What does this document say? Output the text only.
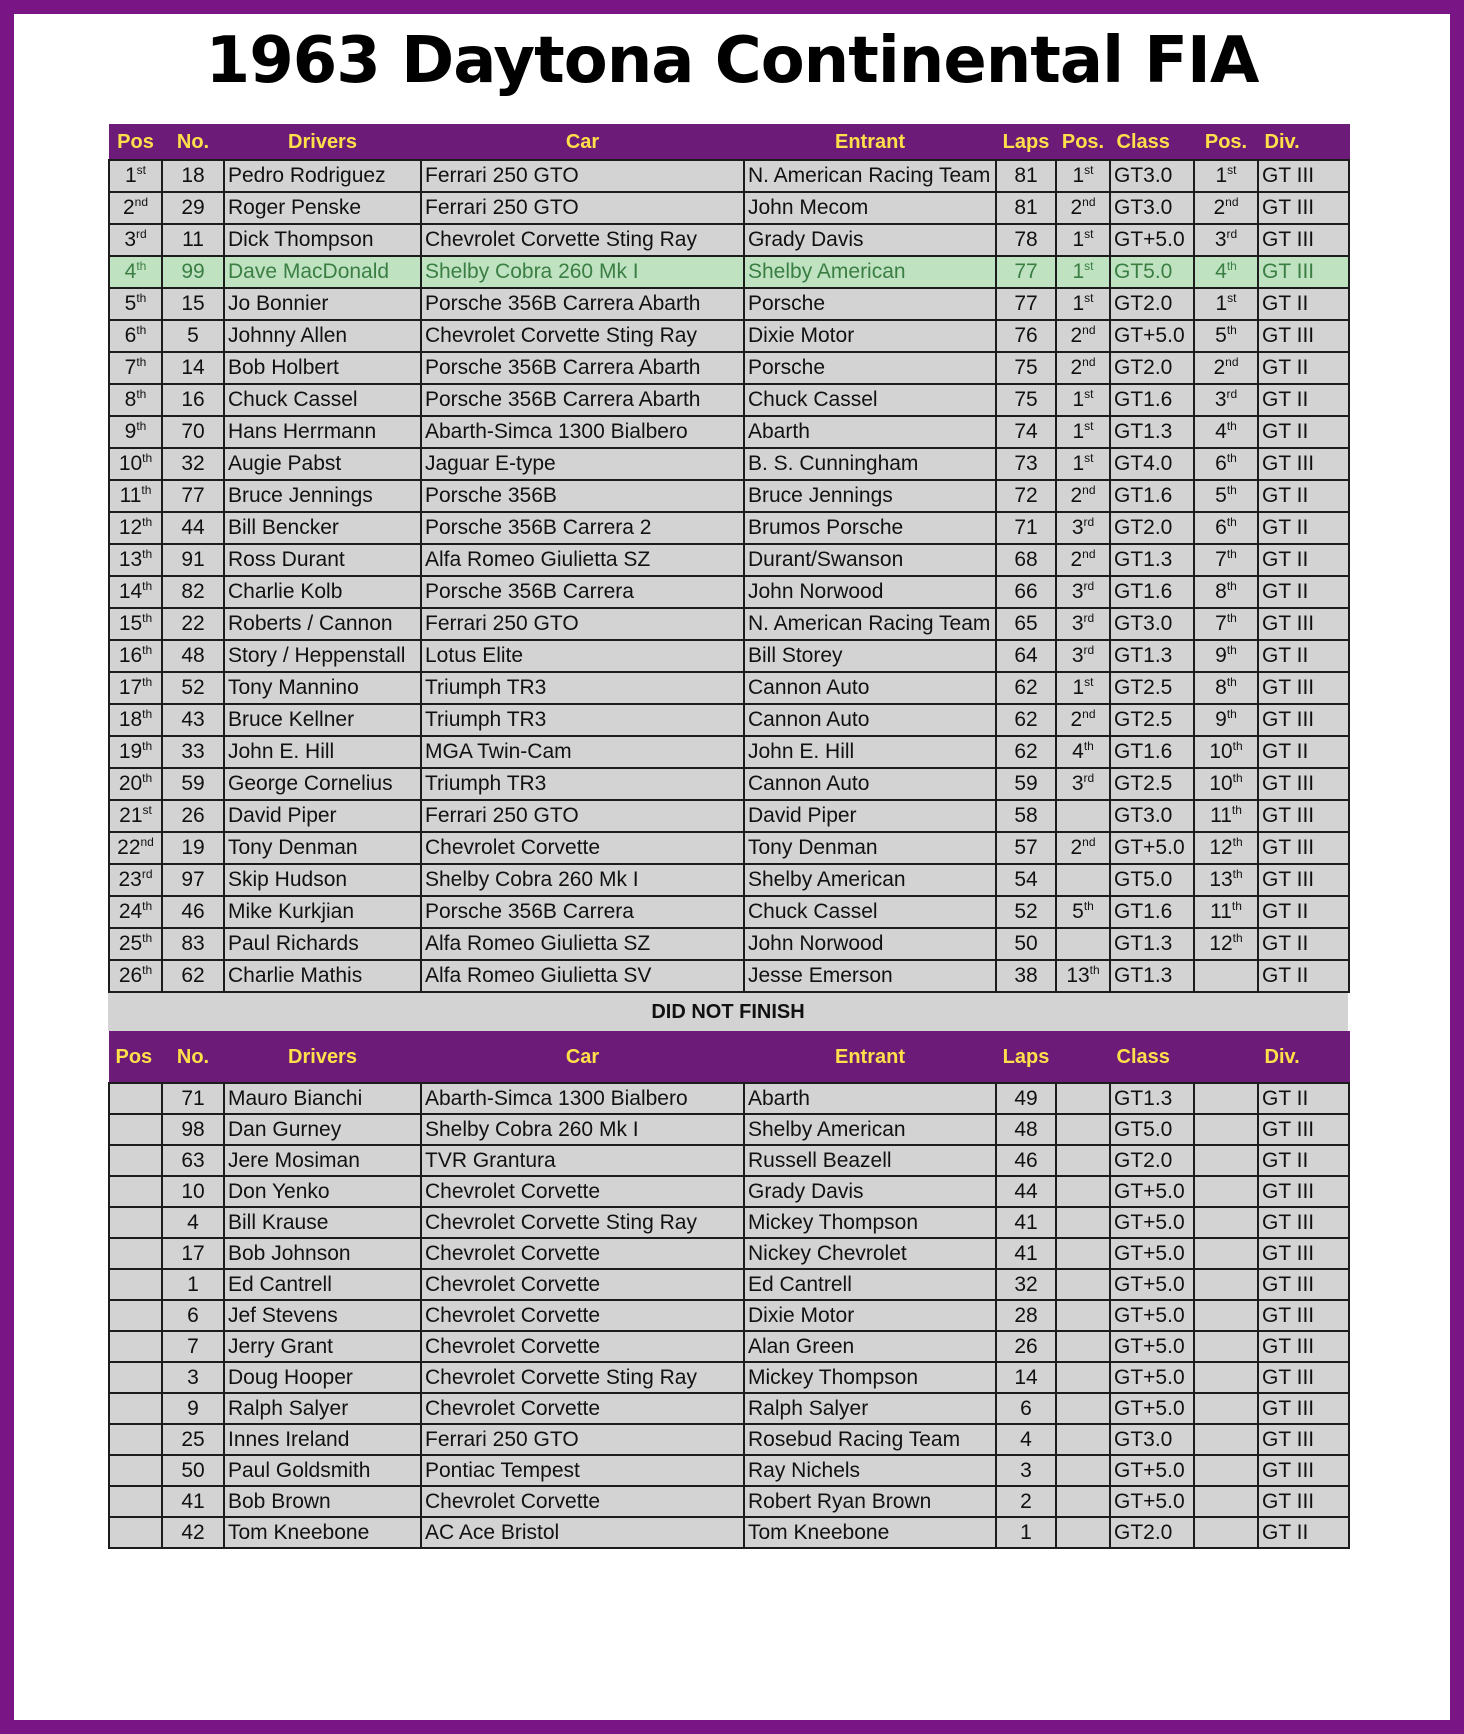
1963 Daytona Continental FIA
Pos	No.	Drivers	Car	Entrant	Laps	Pos.	Class	Pos.	Div.
1st	18	Pedro Rodriguez	Ferrari 250 GTO	N. American Racing Team	81	1st	GT3.0	1st	GT III
2nd	29	Roger Penske	Ferrari 250 GTO	John Mecom	81	2nd	GT3.0	2nd	GT III
3rd	11	Dick Thompson	Chevrolet Corvette Sting Ray	Grady Davis	78	1st	GT+5.0	3rd	GT III
4th	99	Dave MacDonald	Shelby Cobra 260 Mk I	Shelby American	77	1st	GT5.0	4th	GT III
5th	15	Jo Bonnier	Porsche 356B Carrera Abarth	Porsche	77	1st	GT2.0	1st	GT II
6th	5	Johnny Allen	Chevrolet Corvette Sting Ray	Dixie Motor	76	2nd	GT+5.0	5th	GT III
7th	14	Bob Holbert	Porsche 356B Carrera Abarth	Porsche	75	2nd	GT2.0	2nd	GT II
8th	16	Chuck Cassel	Porsche 356B Carrera Abarth	Chuck Cassel	75	1st	GT1.6	3rd	GT II
9th	70	Hans Herrmann	Abarth-Simca 1300 Bialbero	Abarth	74	1st	GT1.3	4th	GT II
10th	32	Augie Pabst	Jaguar E-type	B. S. Cunningham	73	1st	GT4.0	6th	GT III
11th	77	Bruce Jennings	Porsche 356B	Bruce Jennings	72	2nd	GT1.6	5th	GT II
12th	44	Bill Bencker	Porsche 356B Carrera 2	Brumos Porsche	71	3rd	GT2.0	6th	GT II
13th	91	Ross Durant	Alfa Romeo Giulietta SZ	Durant/Swanson	68	2nd	GT1.3	7th	GT II
14th	82	Charlie Kolb	Porsche 356B Carrera	John Norwood	66	3rd	GT1.6	8th	GT II
15th	22	Roberts / Cannon	Ferrari 250 GTO	N. American Racing Team	65	3rd	GT3.0	7th	GT III
16th	48	Story / Heppenstall	Lotus Elite	Bill Storey	64	3rd	GT1.3	9th	GT II
17th	52	Tony Mannino	Triumph TR3	Cannon Auto	62	1st	GT2.5	8th	GT III
18th	43	Bruce Kellner	Triumph TR3	Cannon Auto	62	2nd	GT2.5	9th	GT III
19th	33	John E. Hill	MGA Twin-Cam	John E. Hill	62	4th	GT1.6	10th	GT II
20th	59	George Cornelius	Triumph TR3	Cannon Auto	59	3rd	GT2.5	10th	GT III
21st	26	David Piper	Ferrari 250 GTO	David Piper	58		GT3.0	11th	GT III
22nd	19	Tony Denman	Chevrolet Corvette	Tony Denman	57	2nd	GT+5.0	12th	GT III
23rd	97	Skip Hudson	Shelby Cobra 260 Mk I	Shelby American	54		GT5.0	13th	GT III
24th	46	Mike Kurkjian	Porsche 356B Carrera	Chuck Cassel	52	5th	GT1.6	11th	GT II
25th	83	Paul Richards	Alfa Romeo Giulietta SZ	John Norwood	50		GT1.3	12th	GT II
26th	62	Charlie Mathis	Alfa Romeo Giulietta SV	Jesse Emerson	38	13th	GT1.3		GT II
DID NOT FINISH
Pos	No.	Drivers	Car	Entrant	Laps		Class		Div.
	71	Mauro Bianchi	Abarth-Simca 1300 Bialbero	Abarth	49		GT1.3		GT II
	98	Dan Gurney	Shelby Cobra 260 Mk I	Shelby American	48		GT5.0		GT III
	63	Jere Mosiman	TVR Grantura	Russell Beazell	46		GT2.0		GT II
	10	Don Yenko	Chevrolet Corvette	Grady Davis	44		GT+5.0		GT III
	4	Bill Krause	Chevrolet Corvette Sting Ray	Mickey Thompson	41		GT+5.0		GT III
	17	Bob Johnson	Chevrolet Corvette	Nickey Chevrolet	41		GT+5.0		GT III
	1	Ed Cantrell	Chevrolet Corvette	Ed Cantrell	32		GT+5.0		GT III
	6	Jef Stevens	Chevrolet Corvette	Dixie Motor	28		GT+5.0		GT III
	7	Jerry Grant	Chevrolet Corvette	Alan Green	26		GT+5.0		GT III
	3	Doug Hooper	Chevrolet Corvette Sting Ray	Mickey Thompson	14		GT+5.0		GT III
	9	Ralph Salyer	Chevrolet Corvette	Ralph Salyer	6		GT+5.0		GT III
	25	Innes Ireland	Ferrari 250 GTO	Rosebud Racing Team	4		GT3.0		GT III
	50	Paul Goldsmith	Pontiac Tempest	Ray Nichels	3		GT+5.0		GT III
	41	Bob Brown	Chevrolet Corvette	Robert Ryan Brown	2		GT+5.0		GT III
	42	Tom Kneebone	AC Ace Bristol	Tom Kneebone	1		GT2.0		GT II
